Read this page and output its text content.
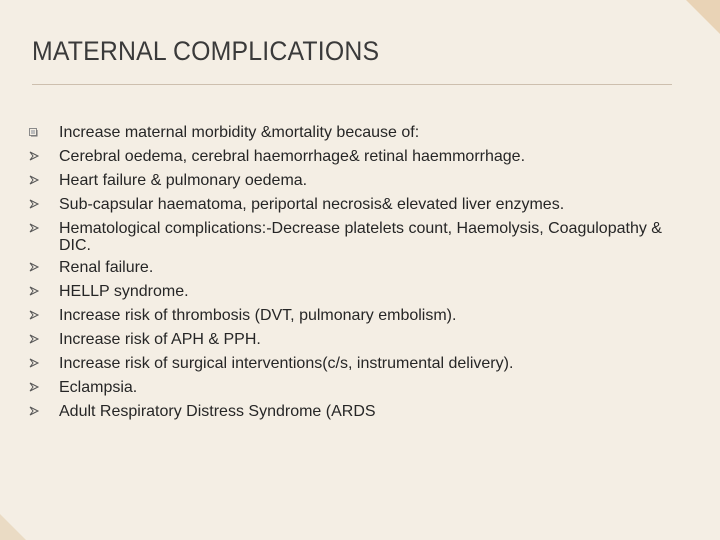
MATERNAL COMPLICATIONS
Increase maternal morbidity &mortality because of:
Cerebral oedema, cerebral haemorrhage& retinal haemmorrhage.
Heart failure & pulmonary oedema.
Sub-capsular haematoma, periportal necrosis& elevated liver enzymes.
Hematological complications:-Decrease platelets count, Haemolysis, Coagulopathy & DIC.
Renal failure.
HELLP syndrome.
Increase risk of thrombosis (DVT, pulmonary embolism).
Increase risk of APH & PPH.
Increase risk of surgical interventions(c/s, instrumental delivery).
Eclampsia.
Adult Respiratory Distress Syndrome (ARDS
